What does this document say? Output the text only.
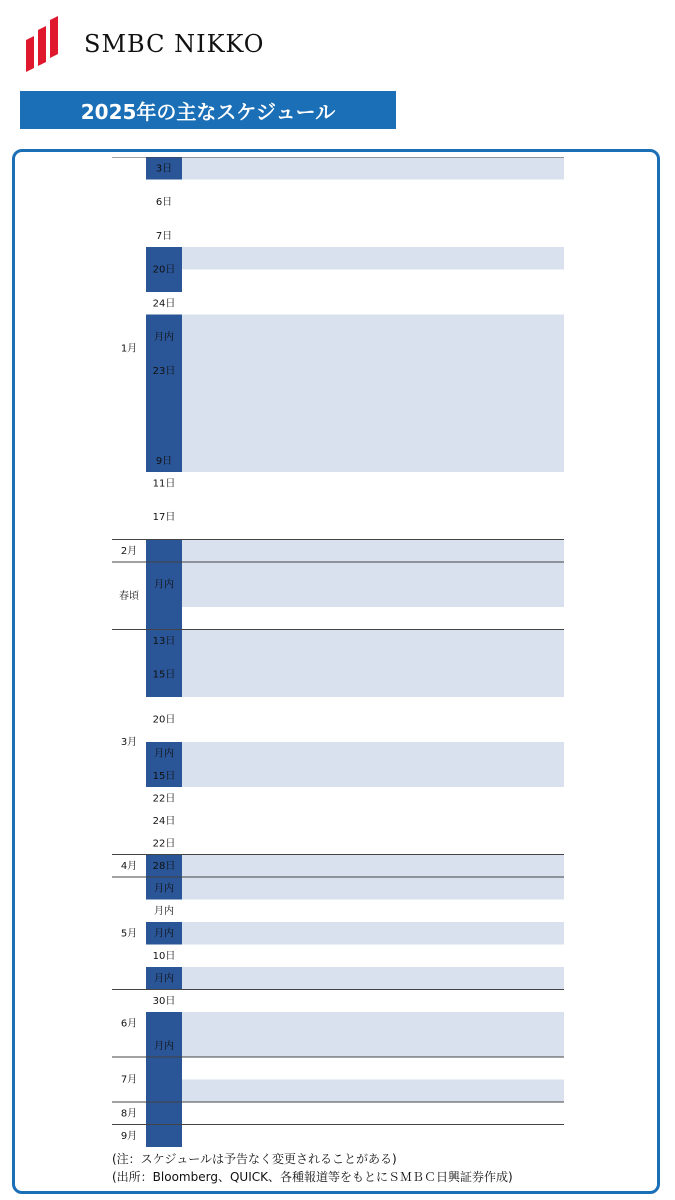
SMBC NIKKO
2025年の主なスケジュール
3日
6日
7日
20日
24日
月内
23日
9日
11日
17日
月内
13日
15日
20日
月内
15日
22日
24日
22日
28日
月内
月内
月内
10日
月内
30日
月内
1月
2月
春頃
3月
4月
5月
6月
7月
8月
9月
(注：スケジュールは予告なく変更されることがある)
(出所：Bloomberg、QUICK、各種報道等をもとにＳＭＢＣ日興証券作成)
